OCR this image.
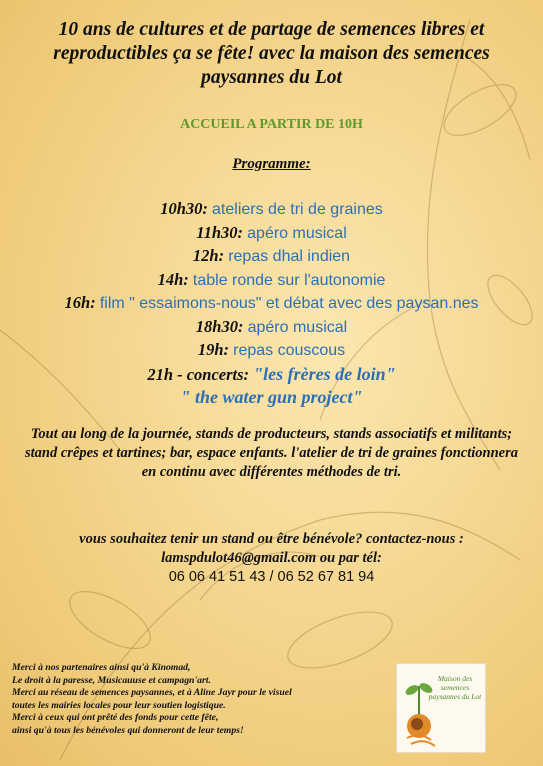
10 ans de cultures et de partage de semences libres et reproductibles ça se fête! avec la maison des semences paysannes du Lot
ACCUEIL A PARTIR DE 10H
Programme:
10h30: ateliers de tri de graines
11h30: apéro musical
12h: repas dhal indien
14h: table ronde sur l'autonomie
16h: film " essaimons-nous" et débat avec des paysan.nes
18h30: apéro musical
19h: repas couscous
21h - concerts: "les frères de loin"
" the water gun project"
Tout au long de la journée, stands de producteurs, stands associatifs et militants; stand crêpes et tartines; bar, espace enfants. l'atelier de tri de graines fonctionnera en continu avec différentes méthodes de tri.
vous souhaitez tenir un stand ou être bénévole? contactez-nous :
lamspdulot46@gmail.com ou par tél:
06 06 41 51 43 / 06 52 67 81 94
Merci à nos partenaires ainsi qu'à Kinomad,
Le droit à la paresse, Musicauuse et campagn'art.
Merci au réseau de semences paysannes, et à Aline Jayr pour le visuel
toutes les mairies locales pour leur soutien logistique.
Merci à ceux qui ont prêté des fonds pour cette fête,
ainsi qu'à tous les bénévoles qui donneront de leur temps!
Maison des semences paysannes du Lot
